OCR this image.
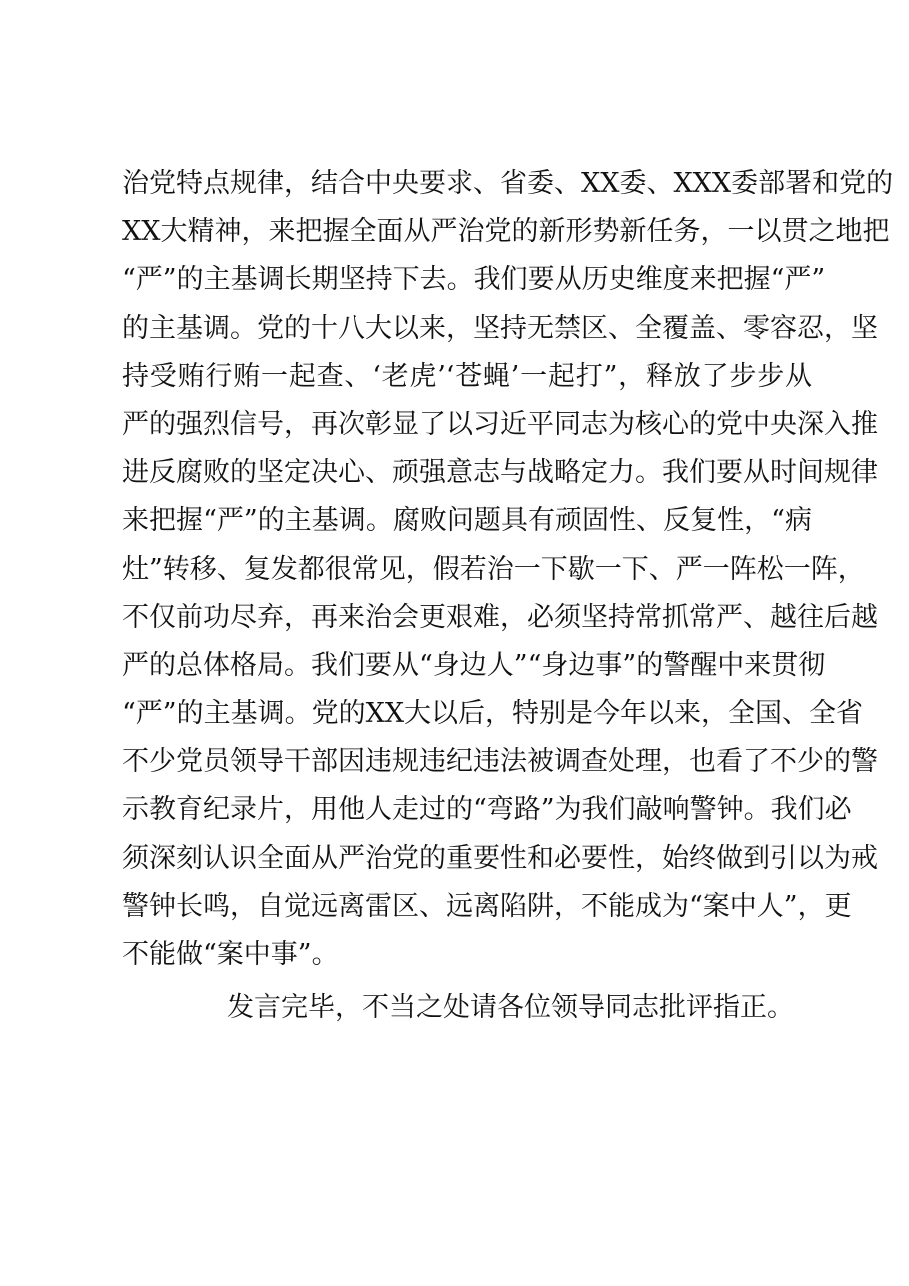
治党特点规律，结合中央要求、省委、XX委、XXX委部署和党的
XX大精神，来把握全面从严治党的新形势新任务，一以贯之地把
“严”的主基调长期坚持下去。我们要从历史维度来把握“严”
的主基调。党的十八大以来，坚持无禁区、全覆盖、零容忍，坚
持受贿行贿一起查、‘老虎’‘苍蝇’一起打”，释放了步步从
严的强烈信号，再次彰显了以习近平同志为核心的党中央深入推
进反腐败的坚定决心、顽强意志与战略定力。我们要从时间规律
来把握“严”的主基调。腐败问题具有顽固性、反复性，“病
灶”转移、复发都很常见，假若治一下歇一下、严一阵松一阵，
不仅前功尽弃，再来治会更艰难，必须坚持常抓常严、越往后越
严的总体格局。我们要从“身边人”“身边事”的警醒中来贯彻
“严”的主基调。党的XX大以后，特别是今年以来，全国、全省
不少党员领导干部因违规违纪违法被调查处理，也看了不少的警
示教育纪录片，用他人走过的“弯路”为我们敲响警钟。我们必
须深刻认识全面从严治党的重要性和必要性，始终做到引以为戒
警钟长鸣，自觉远离雷区、远离陷阱，不能成为“案中人”，更
不能做“案中事”。
发言完毕，不当之处请各位领导同志批评指正。
